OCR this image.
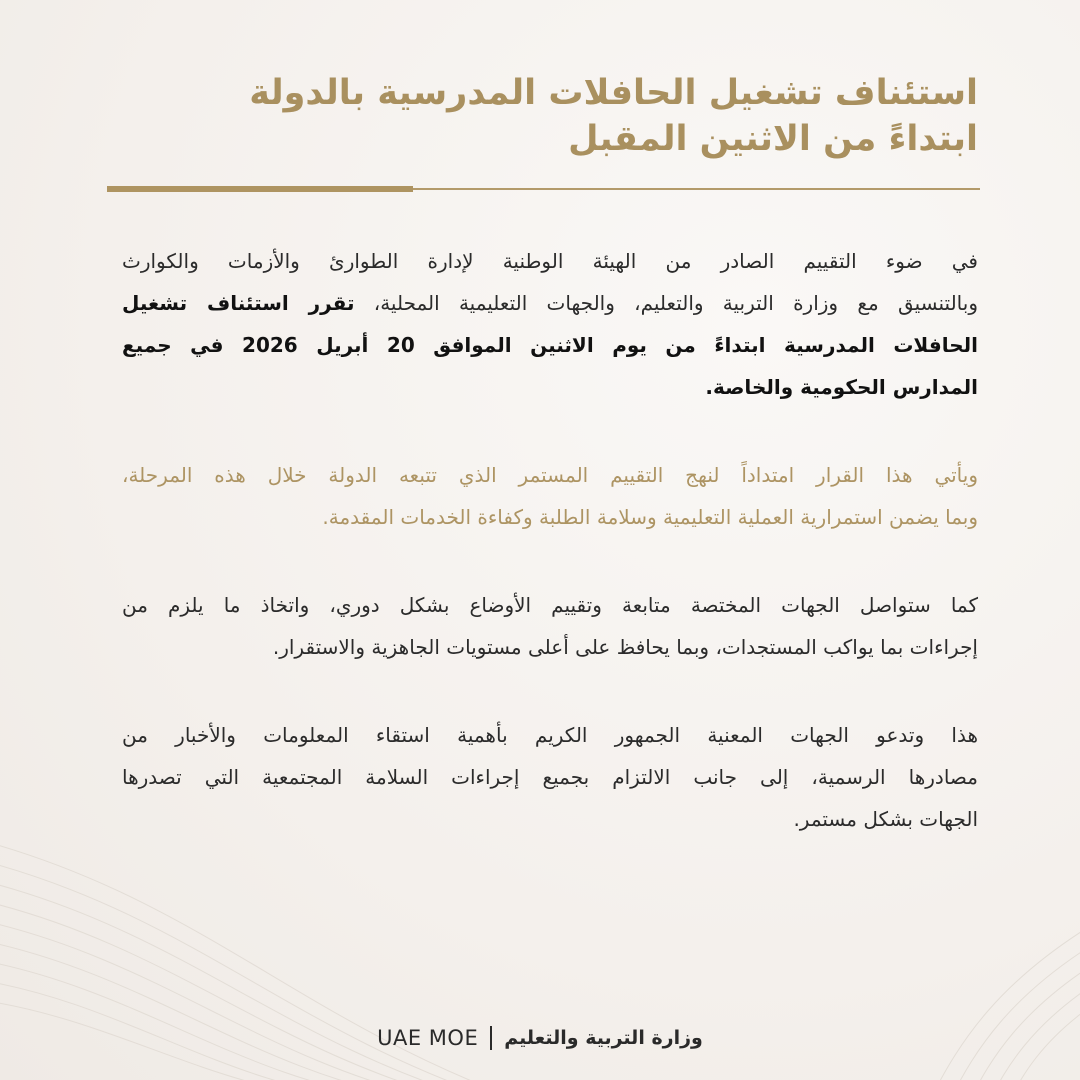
استئناف تشغيل الحافلات المدرسية بالدولة
ابتداءً من الاثنين المقبل
في ضوء التقييم الصادر من الهيئة الوطنية لإدارة الطوارئ والأزمات والكوارث
وبالتنسيق مع وزارة التربية والتعليم، والجهات التعليمية المحلية، تقرر استئناف تشغيل
الحافلات المدرسية ابتداءً من يوم الاثنين الموافق 20 أبريل 2026 في جميع
المدارس الحكومية والخاصة.
ويأتي هذا القرار امتداداً لنهج التقييم المستمر الذي تتبعه الدولة خلال هذه المرحلة،
وبما يضمن استمرارية العملية التعليمية وسلامة الطلبة وكفاءة الخدمات المقدمة.
كما ستواصل الجهات المختصة متابعة وتقييم الأوضاع بشكل دوري، واتخاذ ما يلزم من
إجراءات بما يواكب المستجدات، وبما يحافظ على أعلى مستويات الجاهزية والاستقرار.
هذا وتدعو الجهات المعنية الجمهور الكريم بأهمية استقاء المعلومات والأخبار من
مصادرها الرسمية، إلى جانب الالتزام بجميع إجراءات السلامة المجتمعية التي تصدرها
الجهات بشكل مستمر.
UAE MOE وزارة التربية والتعليم
